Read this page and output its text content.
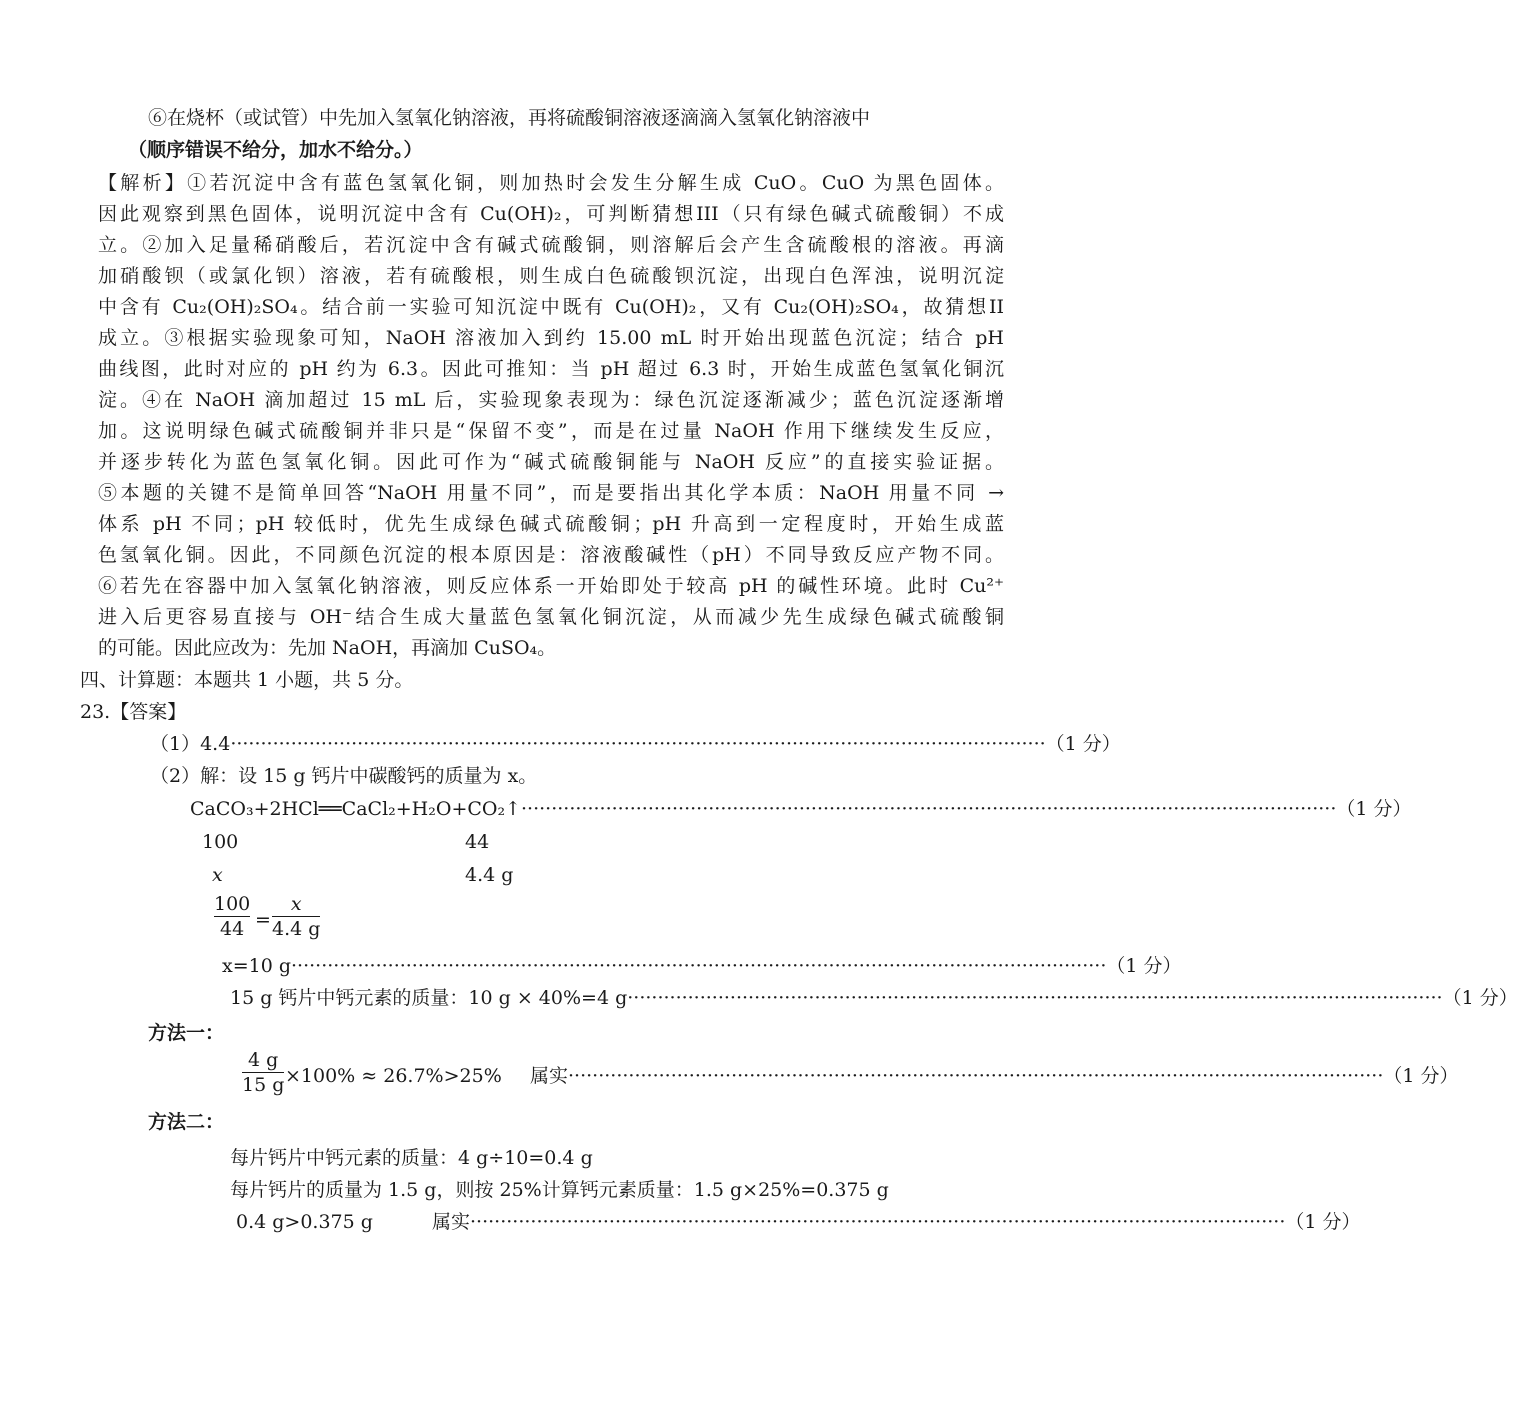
⑥在烧杯（或试管）中先加入氢氧化钠溶液，再将硫酸铜溶液逐滴滴入氢氧化钠溶液中
（顺序错误不给分，加水不给分。）
【解析】①若沉淀中含有蓝色氢氧化铜，则加热时会发生分解生成 CuO。CuO 为黑色固体。
因此观察到黑色固体，说明沉淀中含有 Cu(OH)₂，可判断猜想III（只有绿色碱式硫酸铜）不成
立。②加入足量稀硝酸后，若沉淀中含有碱式硫酸铜，则溶解后会产生含硫酸根的溶液。再滴
加硝酸钡（或氯化钡）溶液，若有硫酸根，则生成白色硫酸钡沉淀，出现白色浑浊，说明沉淀
中含有 Cu₂(OH)₂SO₄。结合前一实验可知沉淀中既有 Cu(OH)₂，又有 Cu₂(OH)₂SO₄，故猜想II
成立。③根据实验现象可知，NaOH 溶液加入到约 15.00 mL 时开始出现蓝色沉淀；结合 pH
曲线图，此时对应的 pH 约为 6.3。因此可推知：当 pH 超过 6.3 时，开始生成蓝色氢氧化铜沉
淀。④在 NaOH 滴加超过 15 mL 后，实验现象表现为：绿色沉淀逐渐减少；蓝色沉淀逐渐增
加。这说明绿色碱式硫酸铜并非只是“保留不变”，而是在过量 NaOH 作用下继续发生反应，
并逐步转化为蓝色氢氧化铜。因此可作为“碱式硫酸铜能与 NaOH 反应”的直接实验证据。
⑤本题的关键不是简单回答“NaOH 用量不同”，而是要指出其化学本质：NaOH 用量不同 →
体系 pH 不同；pH 较低时，优先生成绿色碱式硫酸铜；pH 升高到一定程度时，开始生成蓝
色氢氧化铜。因此，不同颜色沉淀的根本原因是：溶液酸碱性（pH）不同导致反应产物不同。
⑥若先在容器中加入氢氧化钠溶液，则反应体系一开始即处于较高 pH 的碱性环境。此时 Cu²⁺
进入后更容易直接与 OH⁻结合生成大量蓝色氢氧化铜沉淀，从而减少先生成绿色碱式硫酸铜
的可能。因此应改为：先加 NaOH，再滴加 CuSO₄。
四、计算题：本题共 1 小题，共 5 分。
23.【答案】
（1）4.4 ······································································································································· （1 分）
（2）解：设 15 g 钙片中碳酸钙的质量为 x。
CaCO₃+2HCl══CaCl₂+H₂O+CO₂↑ ······································································································································· （1 分）
100	44
x	4.4 g
100
44 =
x
4.4 g
x=10 g ······································································································································· （1 分）
15 g 钙片中钙元素的质量：10 g × 40%=4 g ······································································································································· （1 分）
方法一：
4 g
15 g ×100% ≈ 26.7%>25% 属实 ······································································································································· （1 分）
方法二：
每片钙片中钙元素的质量：4 g÷10=0.4 g
每片钙片的质量为 1.5 g，则按 25%计算钙元素质量：1.5 g×25%=0.375 g
0.4 g>0.375 g	属实 ······································································································································· （1 分）
